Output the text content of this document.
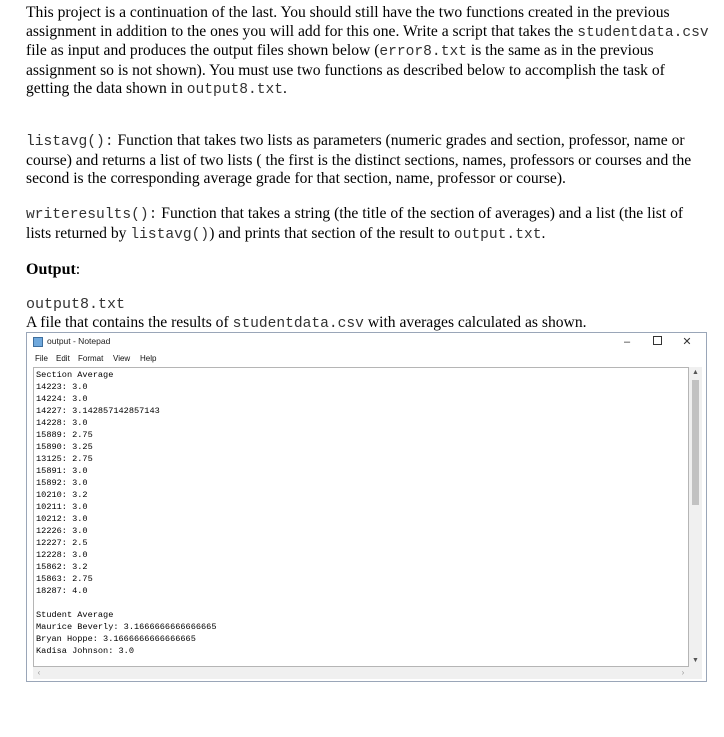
This project is a continuation of the last. You should still have the two functions created in the previous assignment in addition to the ones you will add for this one. Write a script that takes the studentdata.csv file as input and produces the output files shown below (error8.txt is the same as in the previous assignment so is not shown). You must use two functions as described below to accomplish the task of getting the data shown in output8.txt.

listavg(): Function that takes two lists as parameters (numeric grades and section, professor, name or course) and returns a list of two lists ( the first is the distinct sections, names, professors or courses and the second is the corresponding average grade for that section, name, professor or course).

writeresults(): Function that takes a string (the title of the section of averages) and a list (the list of lists returned by listavg()) and prints that section of the result to output.txt.

Output:
output8.txt

A file that contains the results of studentdata.csv with averages calculated as shown.

output - Notepad	–	✕
File Edit Format View Help
Section Average
14223: 3.0
14224: 3.0
14227: 3.142857142857143
14228: 3.0
15889: 2.75
15890: 3.25
13125: 2.75
15891: 3.0
15892: 3.0
10210: 3.2
10211: 3.0
10212: 3.0
12226: 3.0
12227: 2.5
12228: 3.0
15862: 3.2
15863: 2.75
18287: 4.0

Student Average
Maurice Beverly: 3.1666666666666665
Bryan Hoppe: 3.1666666666666665
Kadisa Johnson: 3.0
▲
▼
‹	›
